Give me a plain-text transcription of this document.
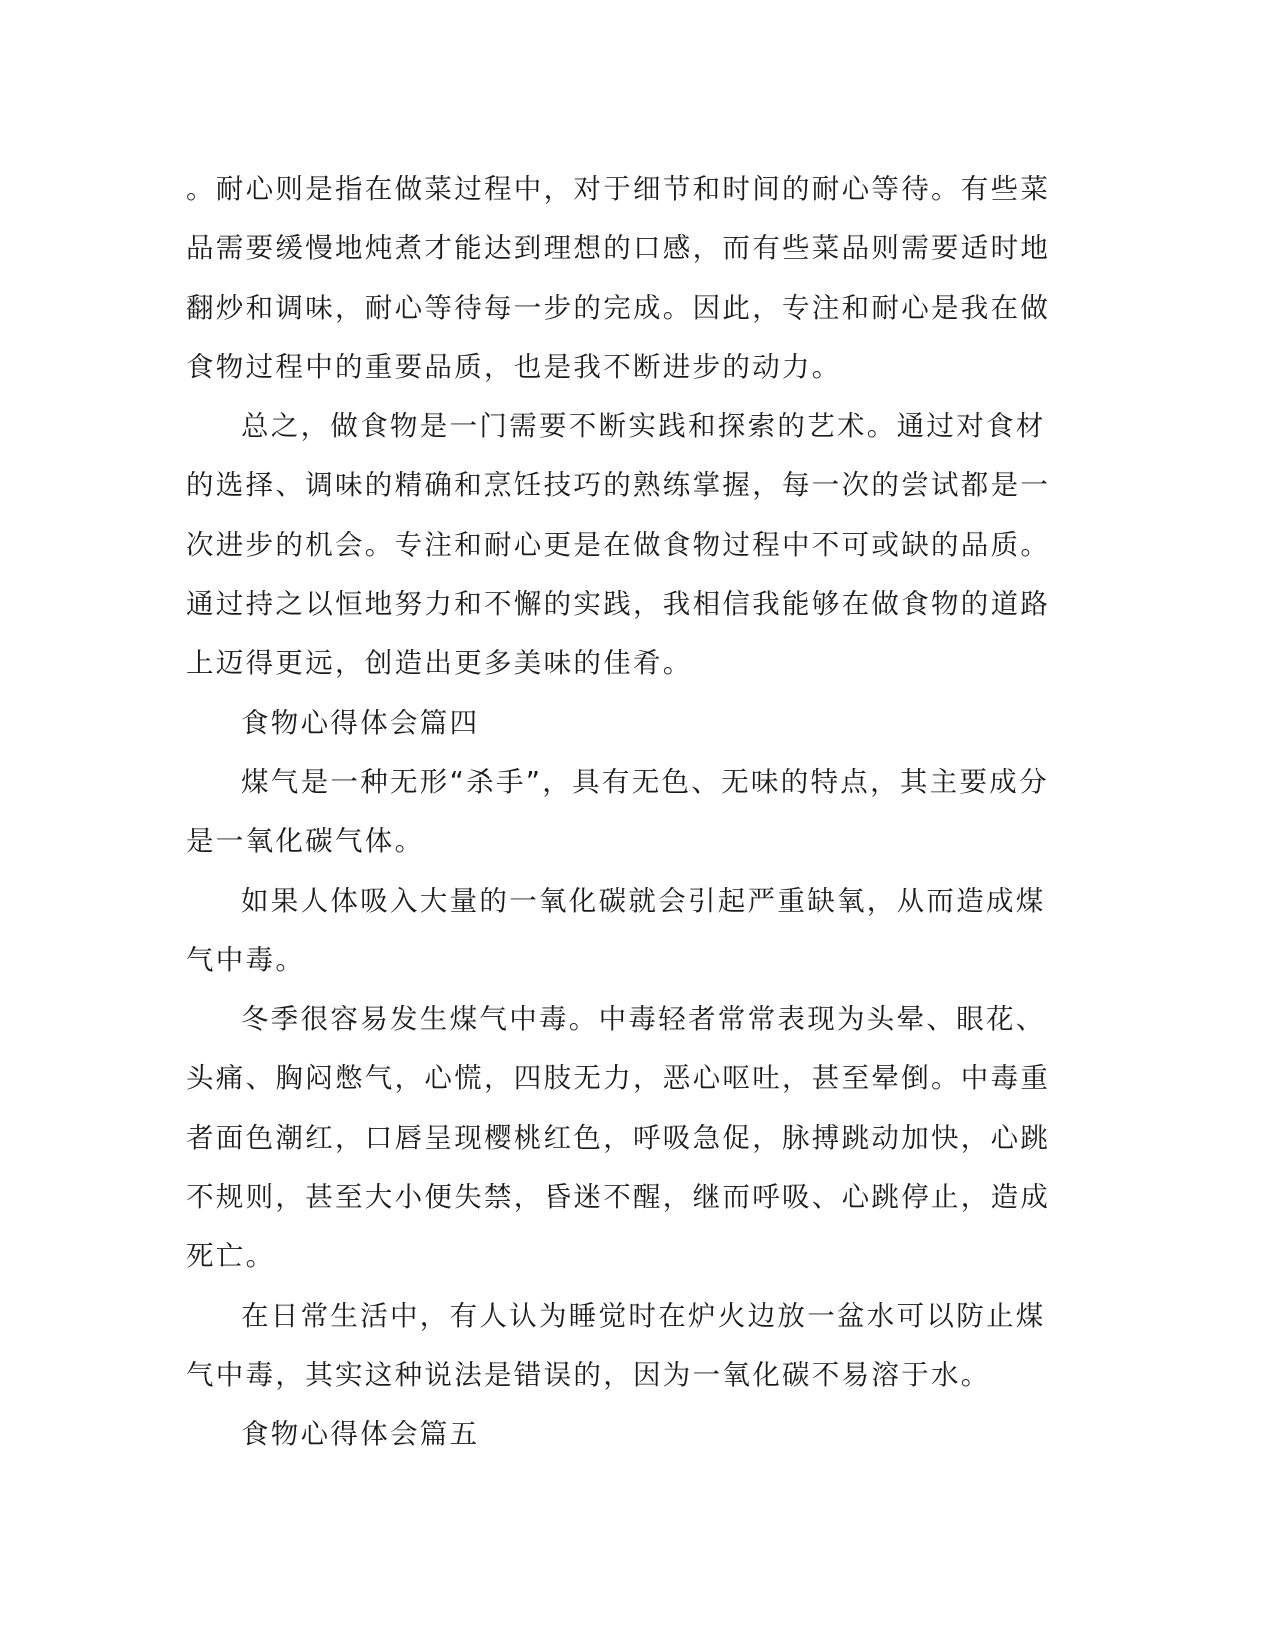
。耐心则是指在做菜过程中，对于细节和时间的耐心等待。有些菜品需要缓慢地炖煮才能达到理想的口感，而有些菜品则需要适时地翻炒和调味，耐心等待每一步的完成。因此，专注和耐心是我在做食物过程中的重要品质，也是我不断进步的动力。

总之，做食物是一门需要不断实践和探索的艺术。通过对食材的选择、调味的精确和烹饪技巧的熟练掌握，每一次的尝试都是一次进步的机会。专注和耐心更是在做食物过程中不可或缺的品质。通过持之以恒地努力和不懈的实践，我相信我能够在做食物的道路上迈得更远，创造出更多美味的佳肴。

食物心得体会篇四

煤气是一种无形“杀手”，具有无色、无味的特点，其主要成分是一氧化碳气体。

如果人体吸入大量的一氧化碳就会引起严重缺氧，从而造成煤气中毒。

冬季很容易发生煤气中毒。中毒轻者常常表现为头晕、眼花、头痛、胸闷憋气，心慌，四肢无力，恶心呕吐，甚至晕倒。中毒重者面色潮红，口唇呈现樱桃红色，呼吸急促，脉搏跳动加快，心跳不规则，甚至大小便失禁，昏迷不醒，继而呼吸、心跳停止，造成死亡。

在日常生活中，有人认为睡觉时在炉火边放一盆水可以防止煤气中毒，其实这种说法是错误的，因为一氧化碳不易溶于水。

食物心得体会篇五
